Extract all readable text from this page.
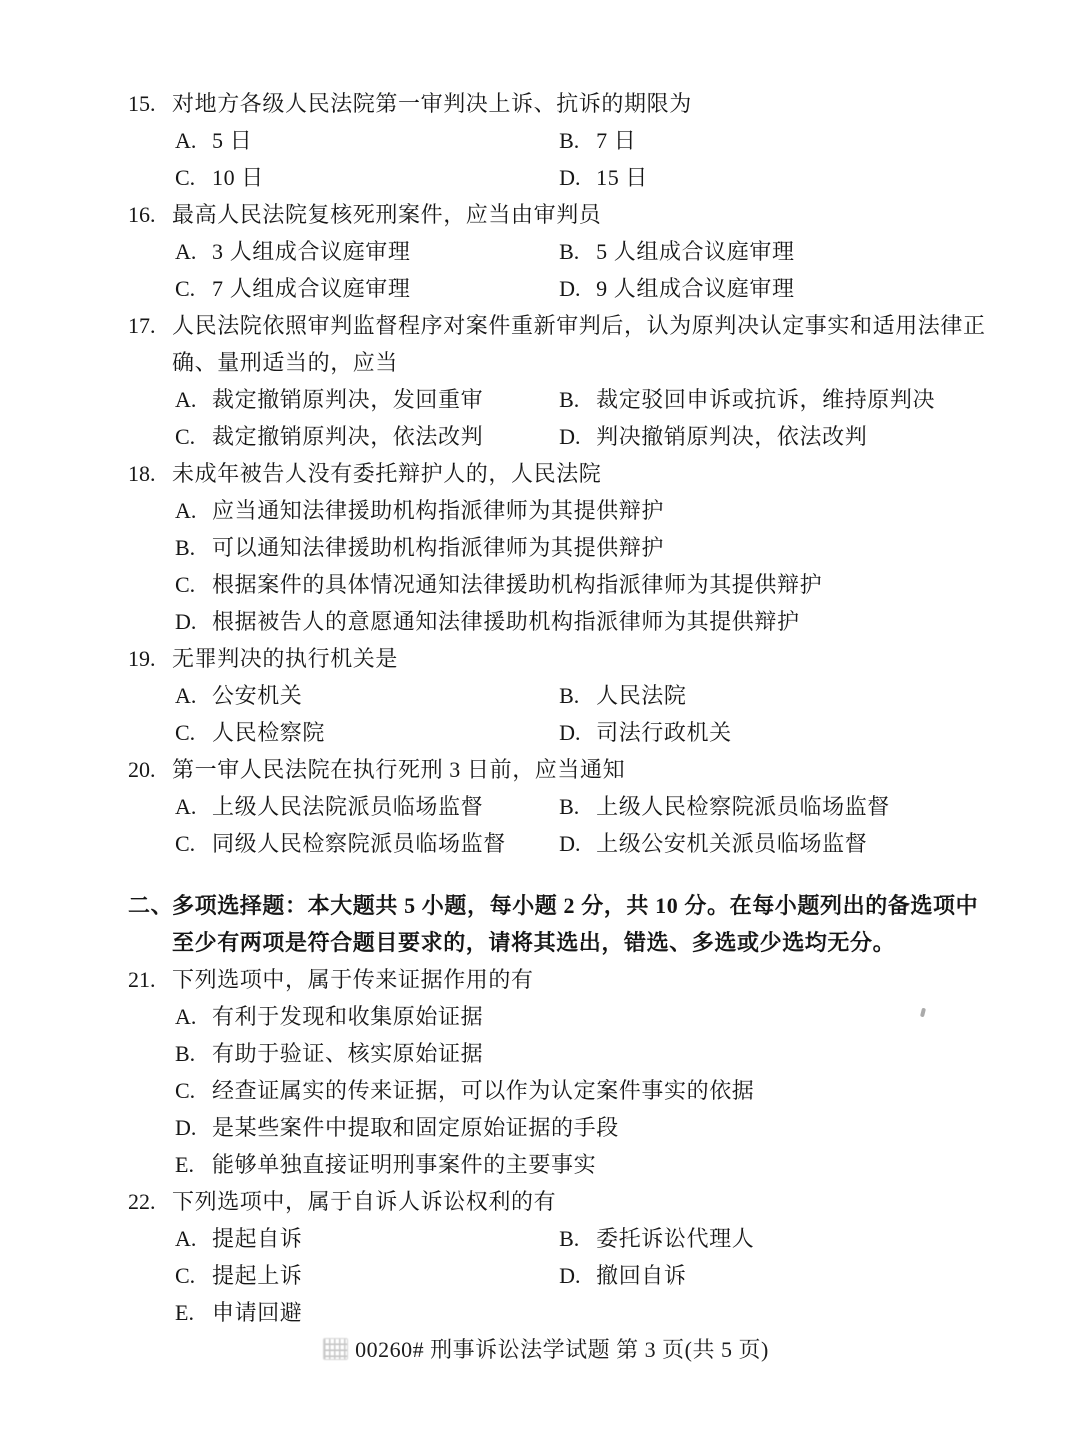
15. 对地方各级人民法院第一审判决上诉、抗诉的期限为
A. 5 日	B. 7 日
C. 10 日	D. 15 日
16. 最高人民法院复核死刑案件，应当由审判员
A. 3 人组成合议庭审理	B. 5 人组成合议庭审理
C. 7 人组成合议庭审理	D. 9 人组成合议庭审理
17. 人民法院依照审判监督程序对案件重新审判后，认为原判决认定事实和适用法律正
确、量刑适当的，应当
A. 裁定撤销原判决，发回重审	B. 裁定驳回申诉或抗诉，维持原判决
C. 裁定撤销原判决，依法改判	D. 判决撤销原判决，依法改判
18. 未成年被告人没有委托辩护人的，人民法院
A. 应当通知法律援助机构指派律师为其提供辩护
B. 可以通知法律援助机构指派律师为其提供辩护
C. 根据案件的具体情况通知法律援助机构指派律师为其提供辩护
D. 根据被告人的意愿通知法律援助机构指派律师为其提供辩护
19. 无罪判决的执行机关是
A. 公安机关	B. 人民法院
C. 人民检察院	D. 司法行政机关
20. 第一审人民法院在执行死刑 3 日前，应当通知
A. 上级人民法院派员临场监督	B. 上级人民检察院派员临场监督
C. 同级人民检察院派员临场监督 D. 上级公安机关派员临场监督
二、多项选择题：本大题共 5 小题，每小题 2 分，共 10 分。在每小题列出的备选项中
至少有两项是符合题目要求的，请将其选出，错选、多选或少选均无分。
21. 下列选项中，属于传来证据作用的有
A. 有利于发现和收集原始证据
B. 有助于验证、核实原始证据
C. 经查证属实的传来证据，可以作为认定案件事实的依据
D. 是某些案件中提取和固定原始证据的手段
E. 能够单独直接证明刑事案件的主要事实
22. 下列选项中，属于自诉人诉讼权利的有
A. 提起自诉	B. 委托诉讼代理人
C. 提起上诉	D. 撤回自诉
E. 申请回避
00260# 刑事诉讼法学试题 第 3 页(共 5 页)
